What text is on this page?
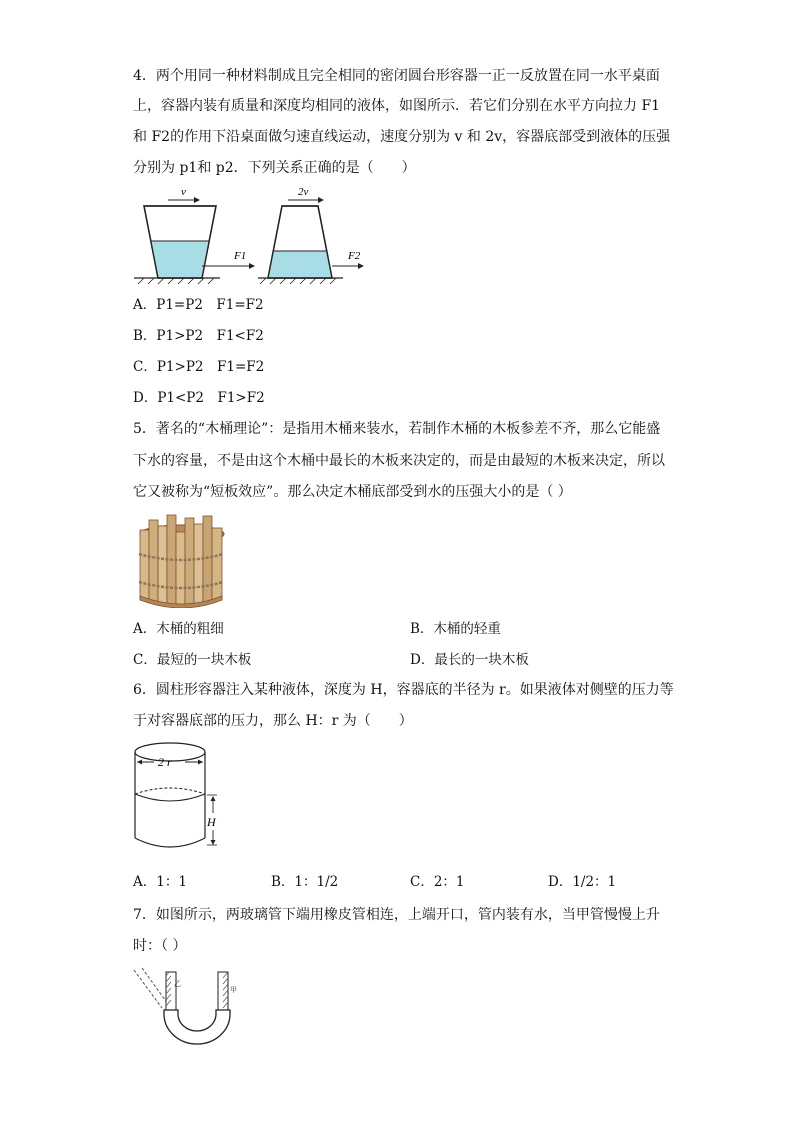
4．两个用同一种材料制成且完全相同的密闭圆台形容器一正一反放置在同一水平桌面
上，容器内装有质量和深度均相同的液体，如图所示．若它们分别在水平方向拉力 F1
和 F2的作用下沿桌面做匀速直线运动，速度分别为 v 和 2v，容器底部受到液体的压强
分别为 p1和 p2．下列关系正确的是（　　）
v
F1
2v
F2
A．P1=P2　F1=F2
B．P1>P2　F1<F2
C．P1>P2　F1=F2
D．P1<P2　F1>F2
5．著名的“木桶理论”：是指用木桶来装水，若制作木桶的木板参差不齐，那么它能盛
下水的容量，不是由这个木桶中最长的木板来决定的，而是由最短的木板来决定，所以
它又被称为“短板效应”。那么决定木桶底部受到水的压强大小的是（ ）
A．木桶的粗细	B．木桶的轻重
C．最短的一块木板	D．最长的一块木板
6．圆柱形容器注入某种液体，深度为 H，容器底的半径为 r。如果液体对侧壁的压力等
于对容器底部的压力，那么 H：r 为（　　）
2 r
H
A．1：1	B．1：1/2	C．2：1	D．1/2：1
7．如图所示，两玻璃管下端用橡皮管相连，上端开口，管内装有水，当甲管慢慢上升
时：（ ）
乙
甲
